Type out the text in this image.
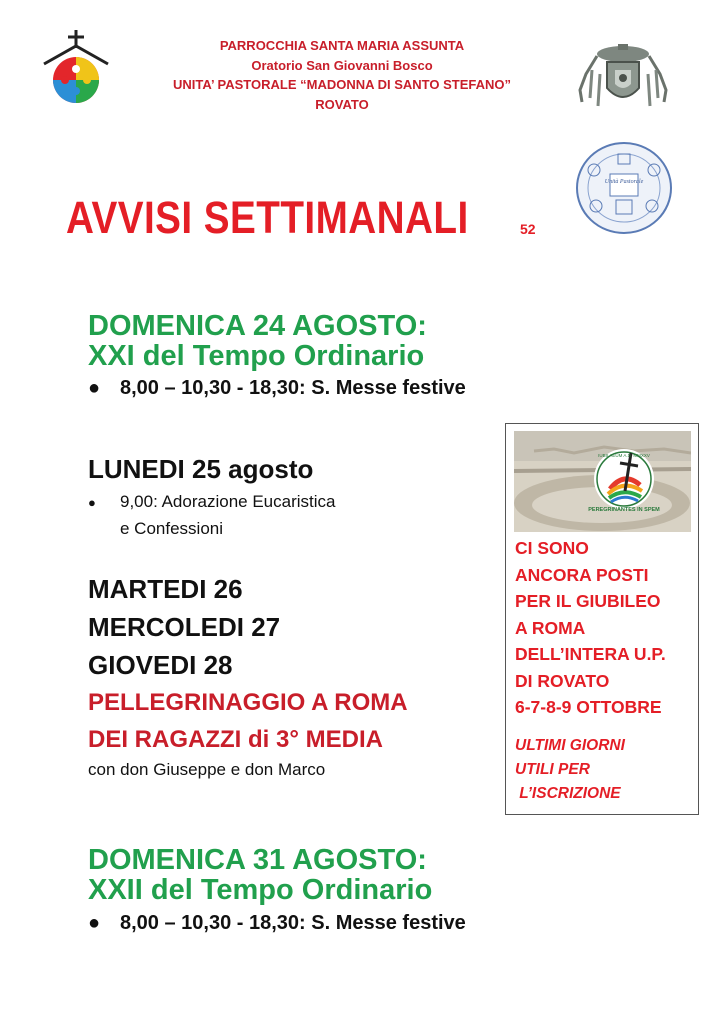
PARROCCHIA SANTA MARIA ASSUNTA
Oratorio San Giovanni Bosco
UNITA’ PASTORALE “MADONNA DI SANTO STEFANO”
ROVATO
Unità Pastorale
AVVISI SETTIMANALI	52
DOMENICA 24 AGOSTO:
XXI del Tempo Ordinario
● 8,00 – 10,30 - 18,30: S. Messe festive
LUNEDI 25 agosto
● 9,00: Adorazione Eucaristica
e Confessioni
MARTEDI 26
MERCOLEDI 27
GIOVEDI 28
PELLEGRINAGGIO A ROMA
DEI RAGAZZI di 3° MEDIA
con don Giuseppe e don Marco
DOMENICA 31 AGOSTO:
XXII del Tempo Ordinario
● 8,00 – 10,30 - 18,30: S. Messe festive
PEREGRINANTES IN SPEM
IUBILAEUM A.D. MMXXV
CI SONO
ANCORA POSTI
PER IL GIUBILEO
A ROMA
DELL’INTERA U.P.
DI ROVATO
6-7-8-9 OTTOBRE
ULTIMI GIORNI
UTILI PER
L’ISCRIZIONE
